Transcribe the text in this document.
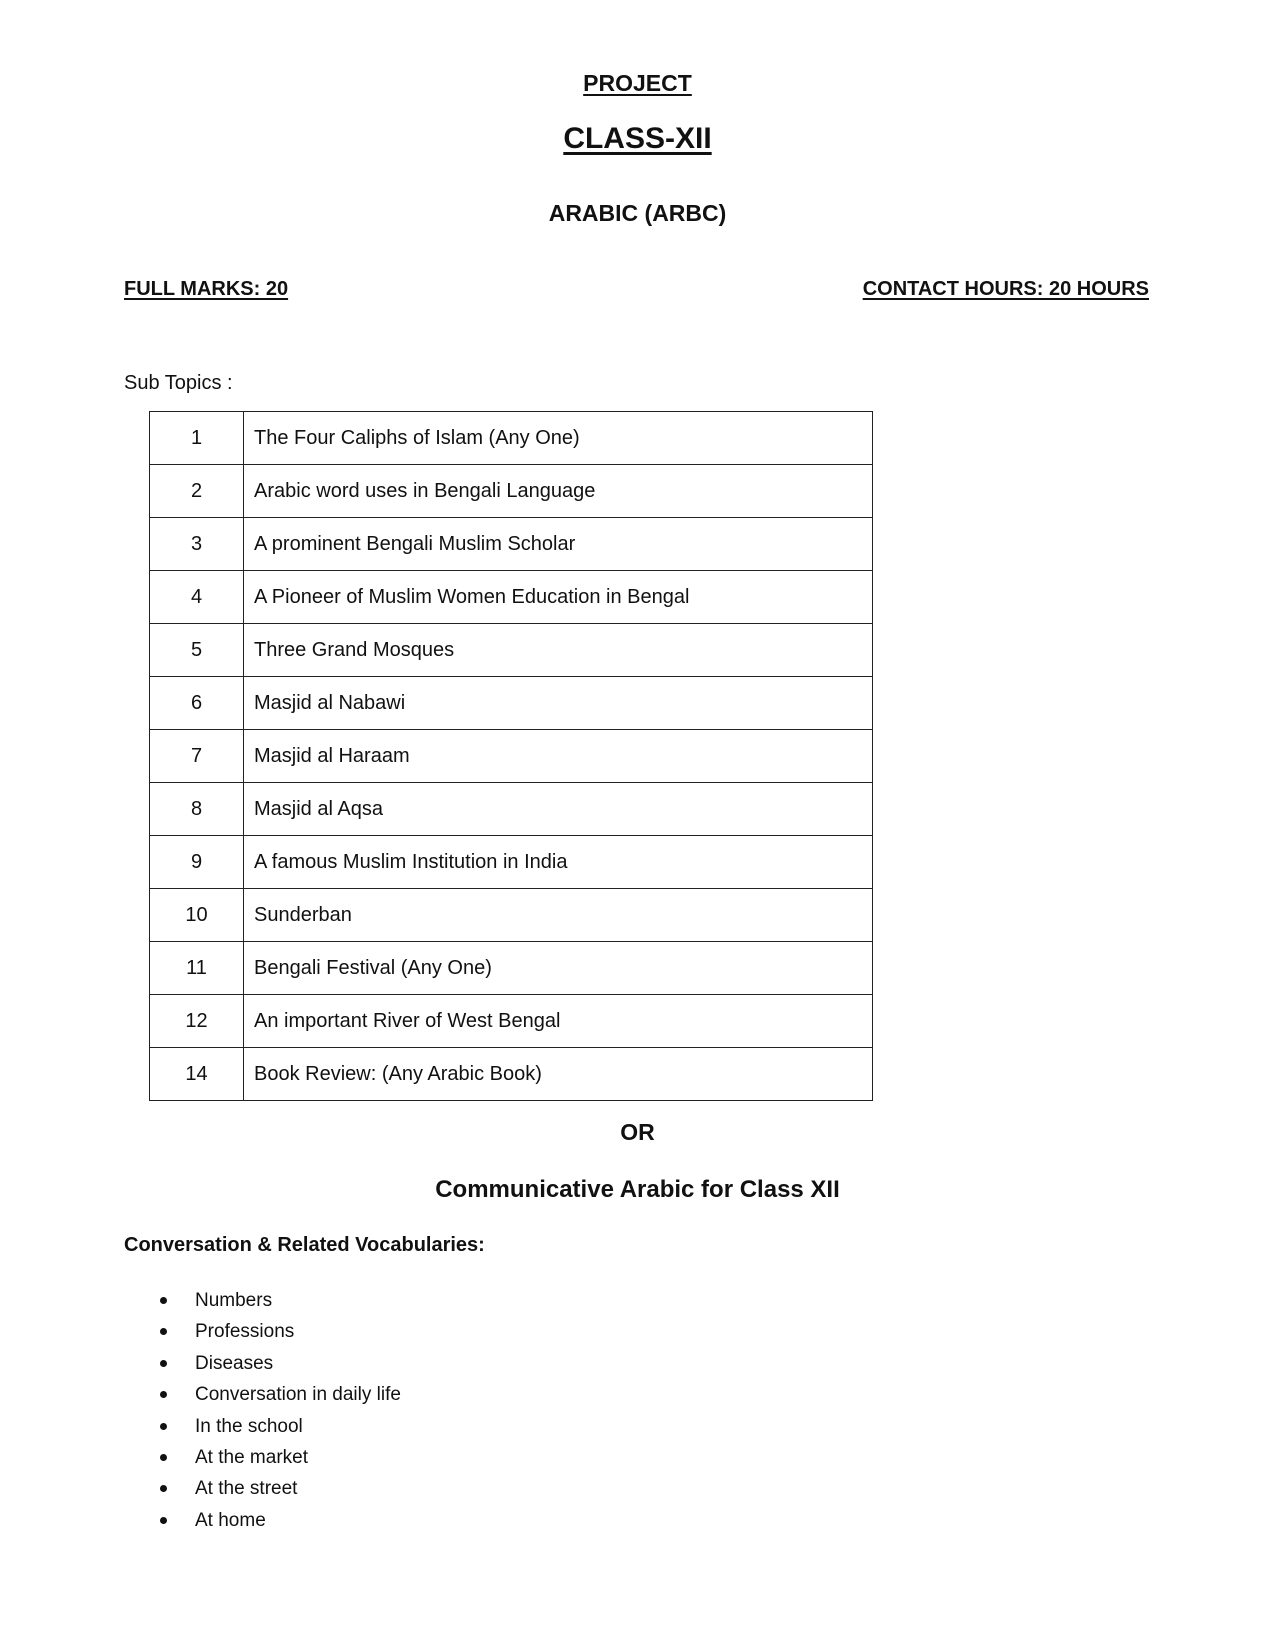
PROJECT
CLASS-XII
ARABIC (ARBC)
FULL MARKS: 20	CONTACT HOURS: 20 HOURS
Sub Topics :
1	The Four Caliphs of Islam (Any One)
2	Arabic word uses in Bengali Language
3	A prominent Bengali Muslim Scholar
4	A Pioneer of Muslim Women Education in Bengal
5	Three Grand Mosques
6	Masjid al Nabawi
7	Masjid al Haraam
8	Masjid al Aqsa
9	A famous Muslim Institution in India
10	Sunderban
11	Bengali Festival (Any One)
12	An important River of West Bengal
14	Book Review: (Any Arabic Book)
OR
Communicative Arabic for Class XII
Conversation & Related Vocabularies:
Numbers
Professions
Diseases
Conversation in daily life
In the school
At the market
At the street
At home
